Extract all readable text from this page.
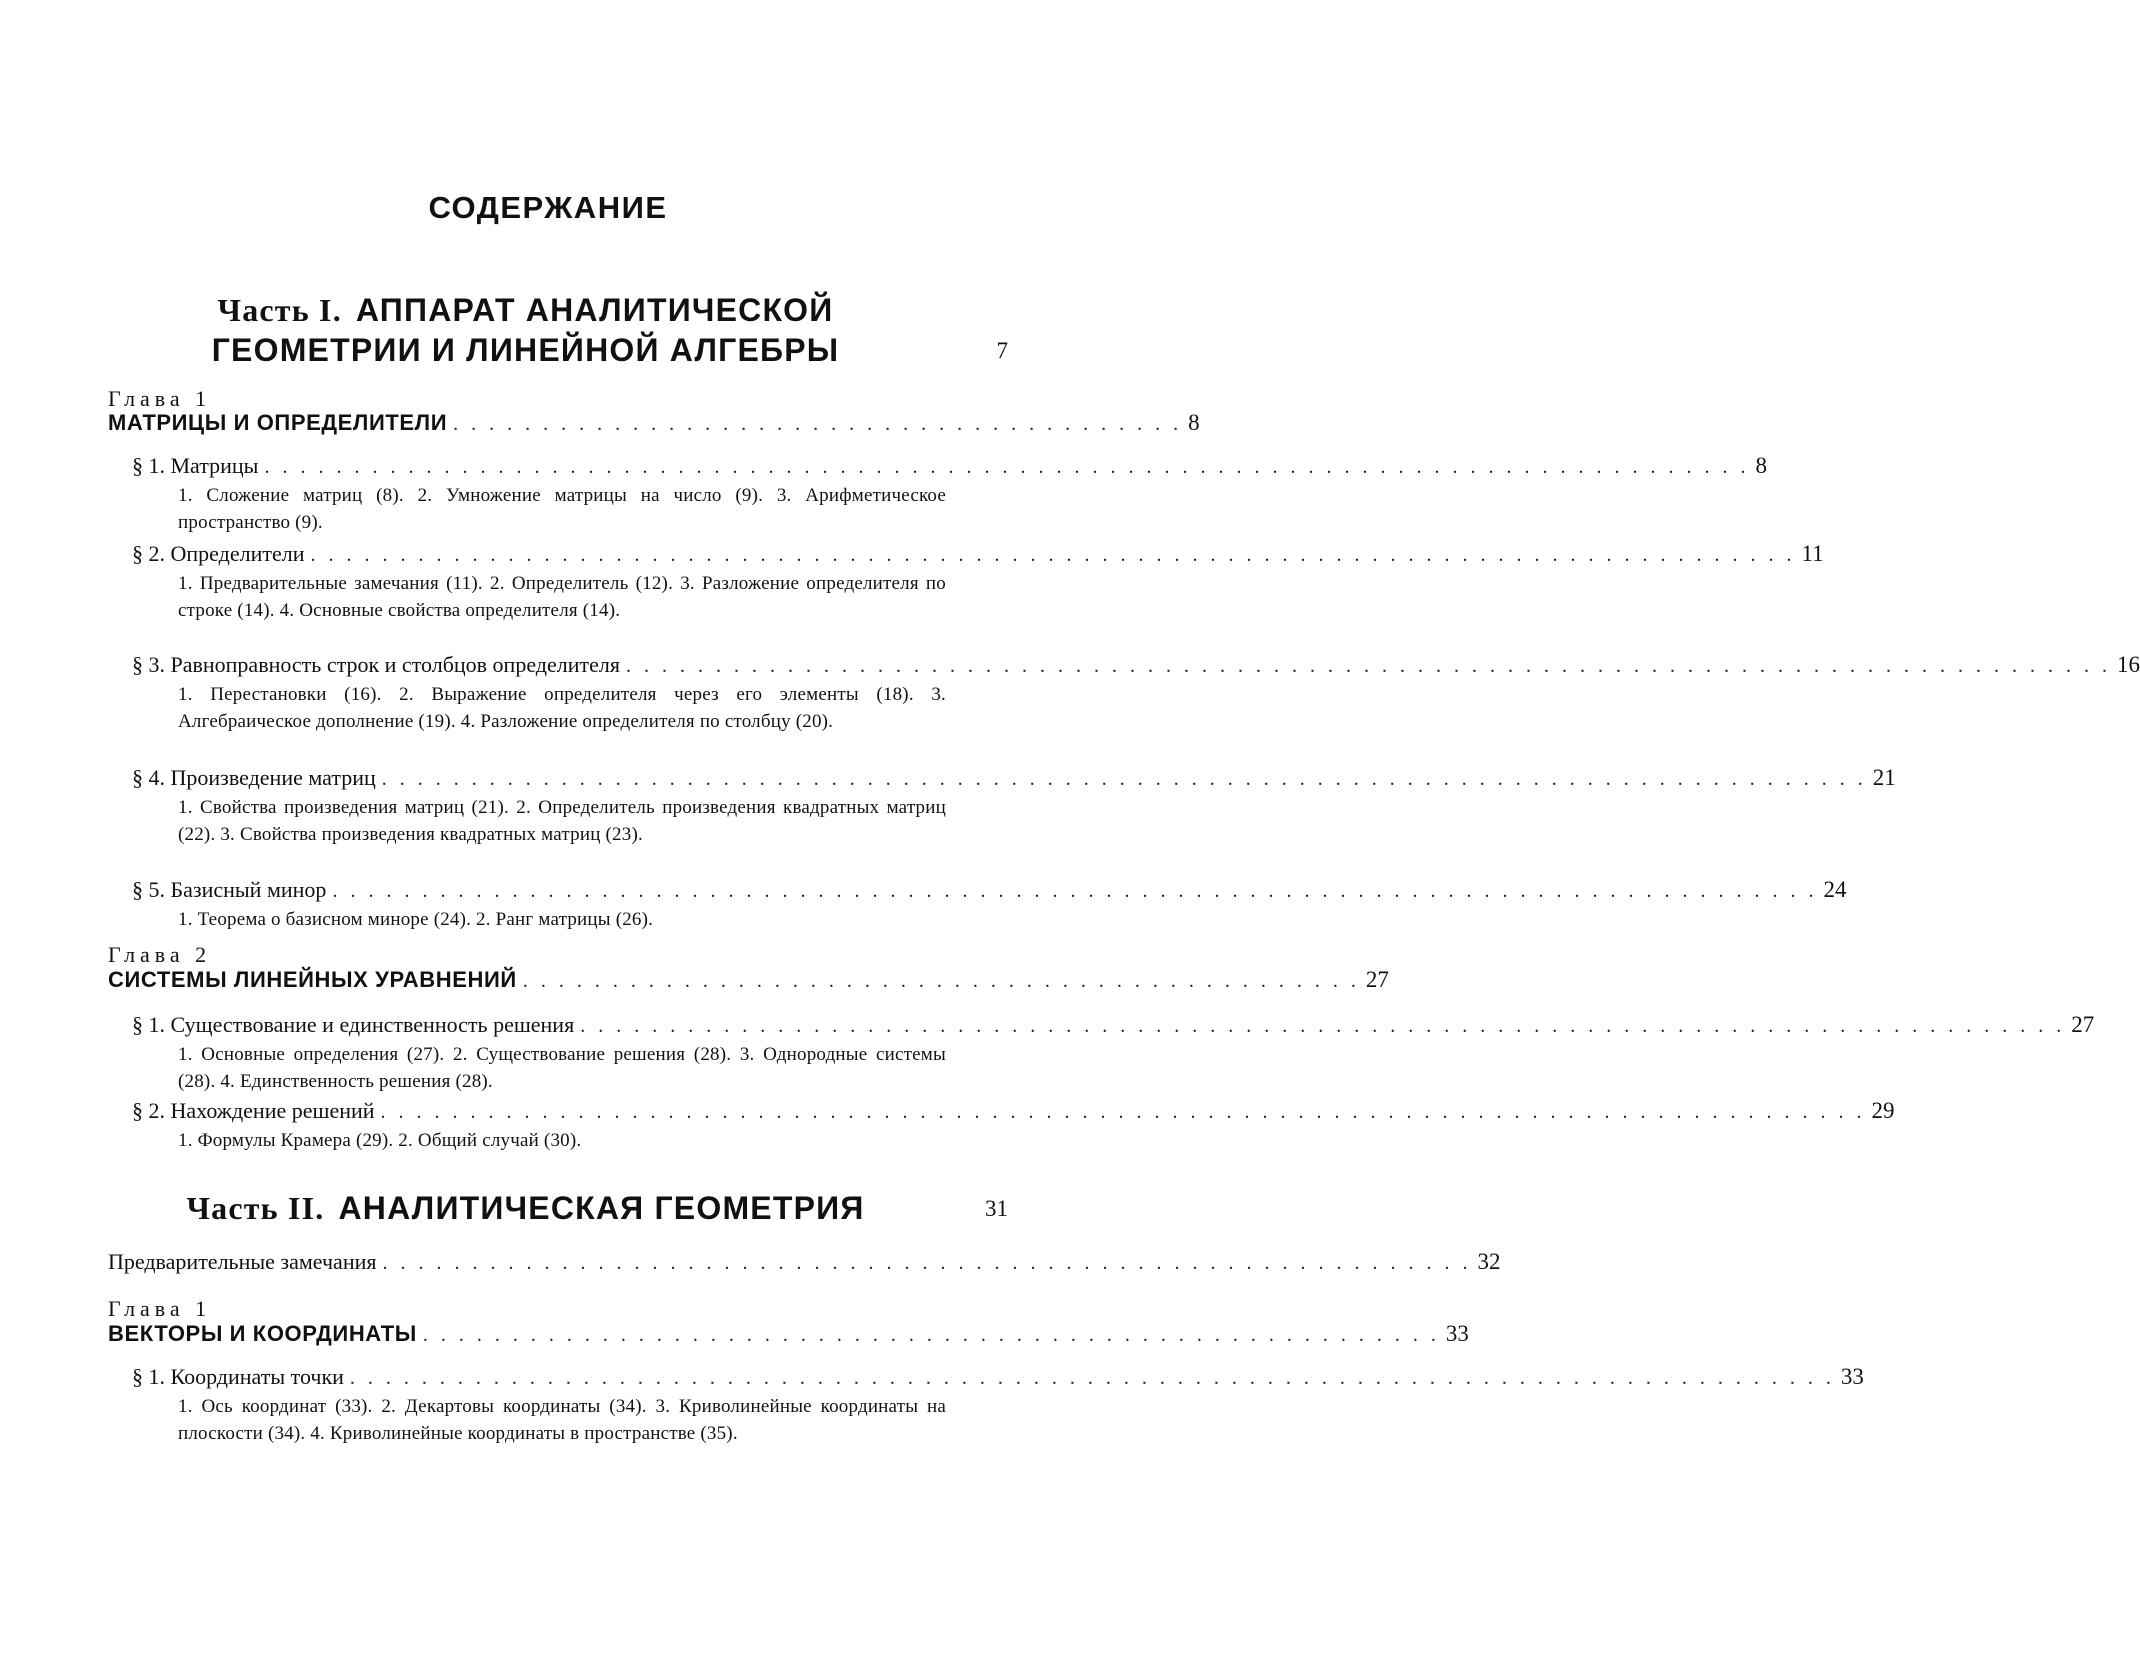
СОДЕРЖАНИЕ
Часть I. АППАРАТ АНАЛИТИЧЕСКОЙ
ГЕОМЕТРИИ И ЛИНЕЙНОЙ АЛГЕБРЫ	7
Глава 1
МАТРИЦЫ И ОПРЕДЕЛИТЕЛИ . . . . . . . . . . . . . . . . . . . . . . . . . . . . . . . . . . . . . . . . . 8
§ 1. Матрицы . . . . . . . . . . . . . . . . . . . . . . . . . . . . . . . . . . . . . . . . . . . . . . . . . . . . . . . . . . . . . . . . . . . . . . . . . . . . . . . . . . . 8
1. Сложение матриц (8). 2. Умножение матрицы на число (9). 3. Арифметическое пространство (9).
§ 2. Определители . . . . . . . . . . . . . . . . . . . . . . . . . . . . . . . . . . . . . . . . . . . . . . . . . . . . . . . . . . . . . . . . . . . . . . . . . . . . . . . . . . . 11
1. Предварительные замечания (11). 2. Определитель (12). 3. Разложение определителя по строке (14). 4. Основные свойства определителя (14).
§ 3. Равноправность строк и столбцов определителя . . . . . . . . . . . . . . . . . . . . . . . . . . . . . . . . . . . . . . . . . . . . . . . . . . . . . . . . . . . . . . . . . . . . . . . . . . . . . . . . . . . 16
1. Перестановки (16). 2. Выражение определителя через его элементы (18). 3. Алгебраическое дополнение (19). 4. Разложение определителя по столбцу (20).
§ 4. Произведение матриц . . . . . . . . . . . . . . . . . . . . . . . . . . . . . . . . . . . . . . . . . . . . . . . . . . . . . . . . . . . . . . . . . . . . . . . . . . . . . . . . . . . 21
1. Свойства произведения матриц (21). 2. Определитель произведения квадратных матриц (22). 3. Свойства произведения квадратных матриц (23).
§ 5. Базисный минор . . . . . . . . . . . . . . . . . . . . . . . . . . . . . . . . . . . . . . . . . . . . . . . . . . . . . . . . . . . . . . . . . . . . . . . . . . . . . . . . . . . 24
1. Теорема о базисном миноре (24). 2. Ранг матрицы (26).
Глава 2
СИСТЕМЫ ЛИНЕЙНЫХ УРАВНЕНИЙ . . . . . . . . . . . . . . . . . . . . . . . . . . . . . . . . . . . . . . . . . . . . . . . 27
§ 1. Существование и единственность решения . . . . . . . . . . . . . . . . . . . . . . . . . . . . . . . . . . . . . . . . . . . . . . . . . . . . . . . . . . . . . . . . . . . . . . . . . . . . . . . . . . . 27
1. Основные определения (27). 2. Существование решения (28). 3. Однородные системы (28). 4. Единственность решения (28).
§ 2. Нахождение решений . . . . . . . . . . . . . . . . . . . . . . . . . . . . . . . . . . . . . . . . . . . . . . . . . . . . . . . . . . . . . . . . . . . . . . . . . . . . . . . . . . . 29
1. Формулы Крамера (29). 2. Общий случай (30).
Часть II. АНАЛИТИЧЕСКАЯ ГЕОМЕТРИЯ	31
Предварительные замечания . . . . . . . . . . . . . . . . . . . . . . . . . . . . . . . . . . . . . . . . . . . . . . . . . . . . . . . . . . . . . 32
Глава 1
ВЕКТОРЫ И КООРДИНАТЫ . . . . . . . . . . . . . . . . . . . . . . . . . . . . . . . . . . . . . . . . . . . . . . . . . . . . . . . . . 33
§ 1. Координаты точки . . . . . . . . . . . . . . . . . . . . . . . . . . . . . . . . . . . . . . . . . . . . . . . . . . . . . . . . . . . . . . . . . . . . . . . . . . . . . . . . . . . 33
1. Ось координат (33). 2. Декартовы координаты (34). 3. Криволинейные координаты на плоскости (34). 4. Криволинейные координаты в пространстве (35).
